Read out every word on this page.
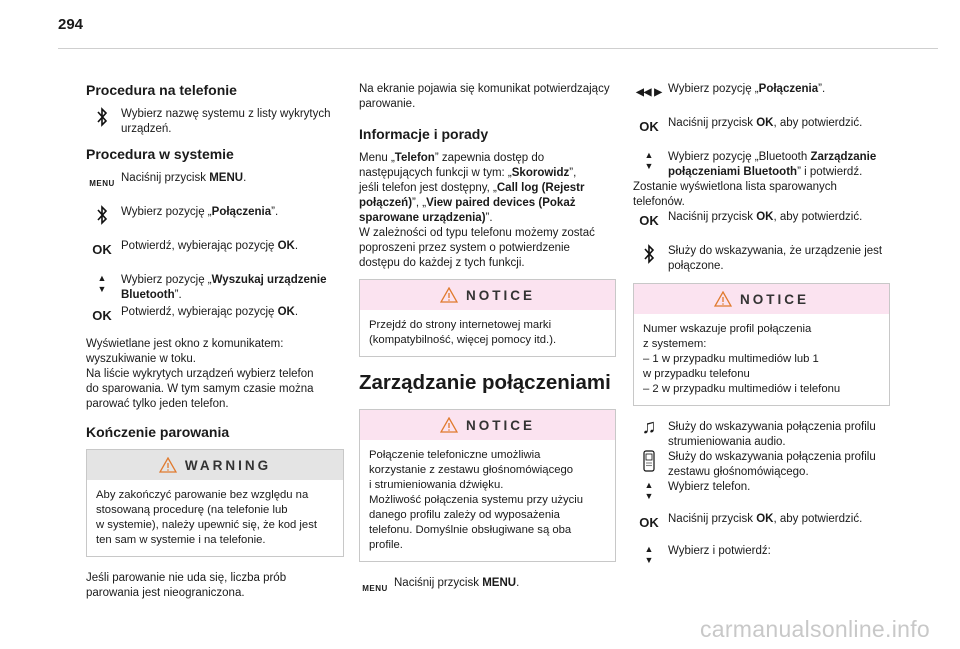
294
Procedura na telefonie
Wybierz nazwę systemu z listy wykrytych urządzeń.
Procedura w systemie
MENU Naciśnij przycisk MENU.
Wybierz pozycję „Połączenia”.
OK Potwierdź, wybierając pozycję OK.
▲
▼
Wybierz pozycję „Wyszukaj urządzenie Bluetooth”.
OK Potwierdź, wybierając pozycję OK.
Wyświetlane jest okno z komunikatem:
wyszukiwanie w toku.
Na liście wykrytych urządzeń wybierz telefon
do sparowania. W tym samym czasie można
parować tylko jeden telefon.
Kończenie parowania
WARNING
Aby zakończyć parowanie bez względu na
stosowaną procedurę (na telefonie lub
w systemie), należy upewnić się, że kod jest
ten sam w systemie i na telefonie.
Jeśli parowanie nie uda się, liczba prób
parowania jest nieograniczona.
Na ekranie pojawia się komunikat potwierdzający
parowanie.
Informacje i porady
Menu „Telefon” zapewnia dostęp do
następujących funkcji w tym: „Skorowidz”,
jeśli telefon jest dostępny, „Call log (Rejestr
połączeń)”, „View paired devices (Pokaż
sparowane urządzenia)”.
W zależności od typu telefonu możemy zostać
poproszeni przez system o potwierdzenie
dostępu do każdej z tych funkcji.
NOTICE
Przejdź do strony internetowej marki
(kompatybilność, więcej pomocy itd.).
Zarządzanie połączeniami
NOTICE
Połączenie telefoniczne umożliwia
korzystanie z zestawu głośnomówiącego
i strumieniowania dźwięku.
Możliwość połączenia systemu przy użyciu
danego profilu zależy od wyposażenia
telefonu. Domyślnie obsługiwane są oba
profile.
MENU Naciśnij przycisk MENU.
◀◀ ▶ Wybierz pozycję „Połączenia”.
OK Naciśnij przycisk OK, aby potwierdzić.
▲
▼
Wybierz pozycję „Bluetooth Zarządzanie
połączeniami Bluetooth” i potwierdź.
Zostanie wyświetlona lista sparowanych
telefonów.
OK Naciśnij przycisk OK, aby potwierdzić.
Służy do wskazywania, że urządzenie jest
połączone.
NOTICE
Numer wskazuje profil połączenia
z systemem:
– 1 w przypadku multimediów lub 1
w przypadku telefonu
– 2 w przypadku multimediów i telefonu
♫	Służy do wskazywania połączenia profilu
strumieniowania audio.
Służy do wskazywania połączenia profilu
zestawu głośnomówiącego.
▲
▼
Wybierz telefon.
OK Naciśnij przycisk OK, aby potwierdzić.
▲
▼
Wybierz i potwierdź:
carmanualsonline.info
